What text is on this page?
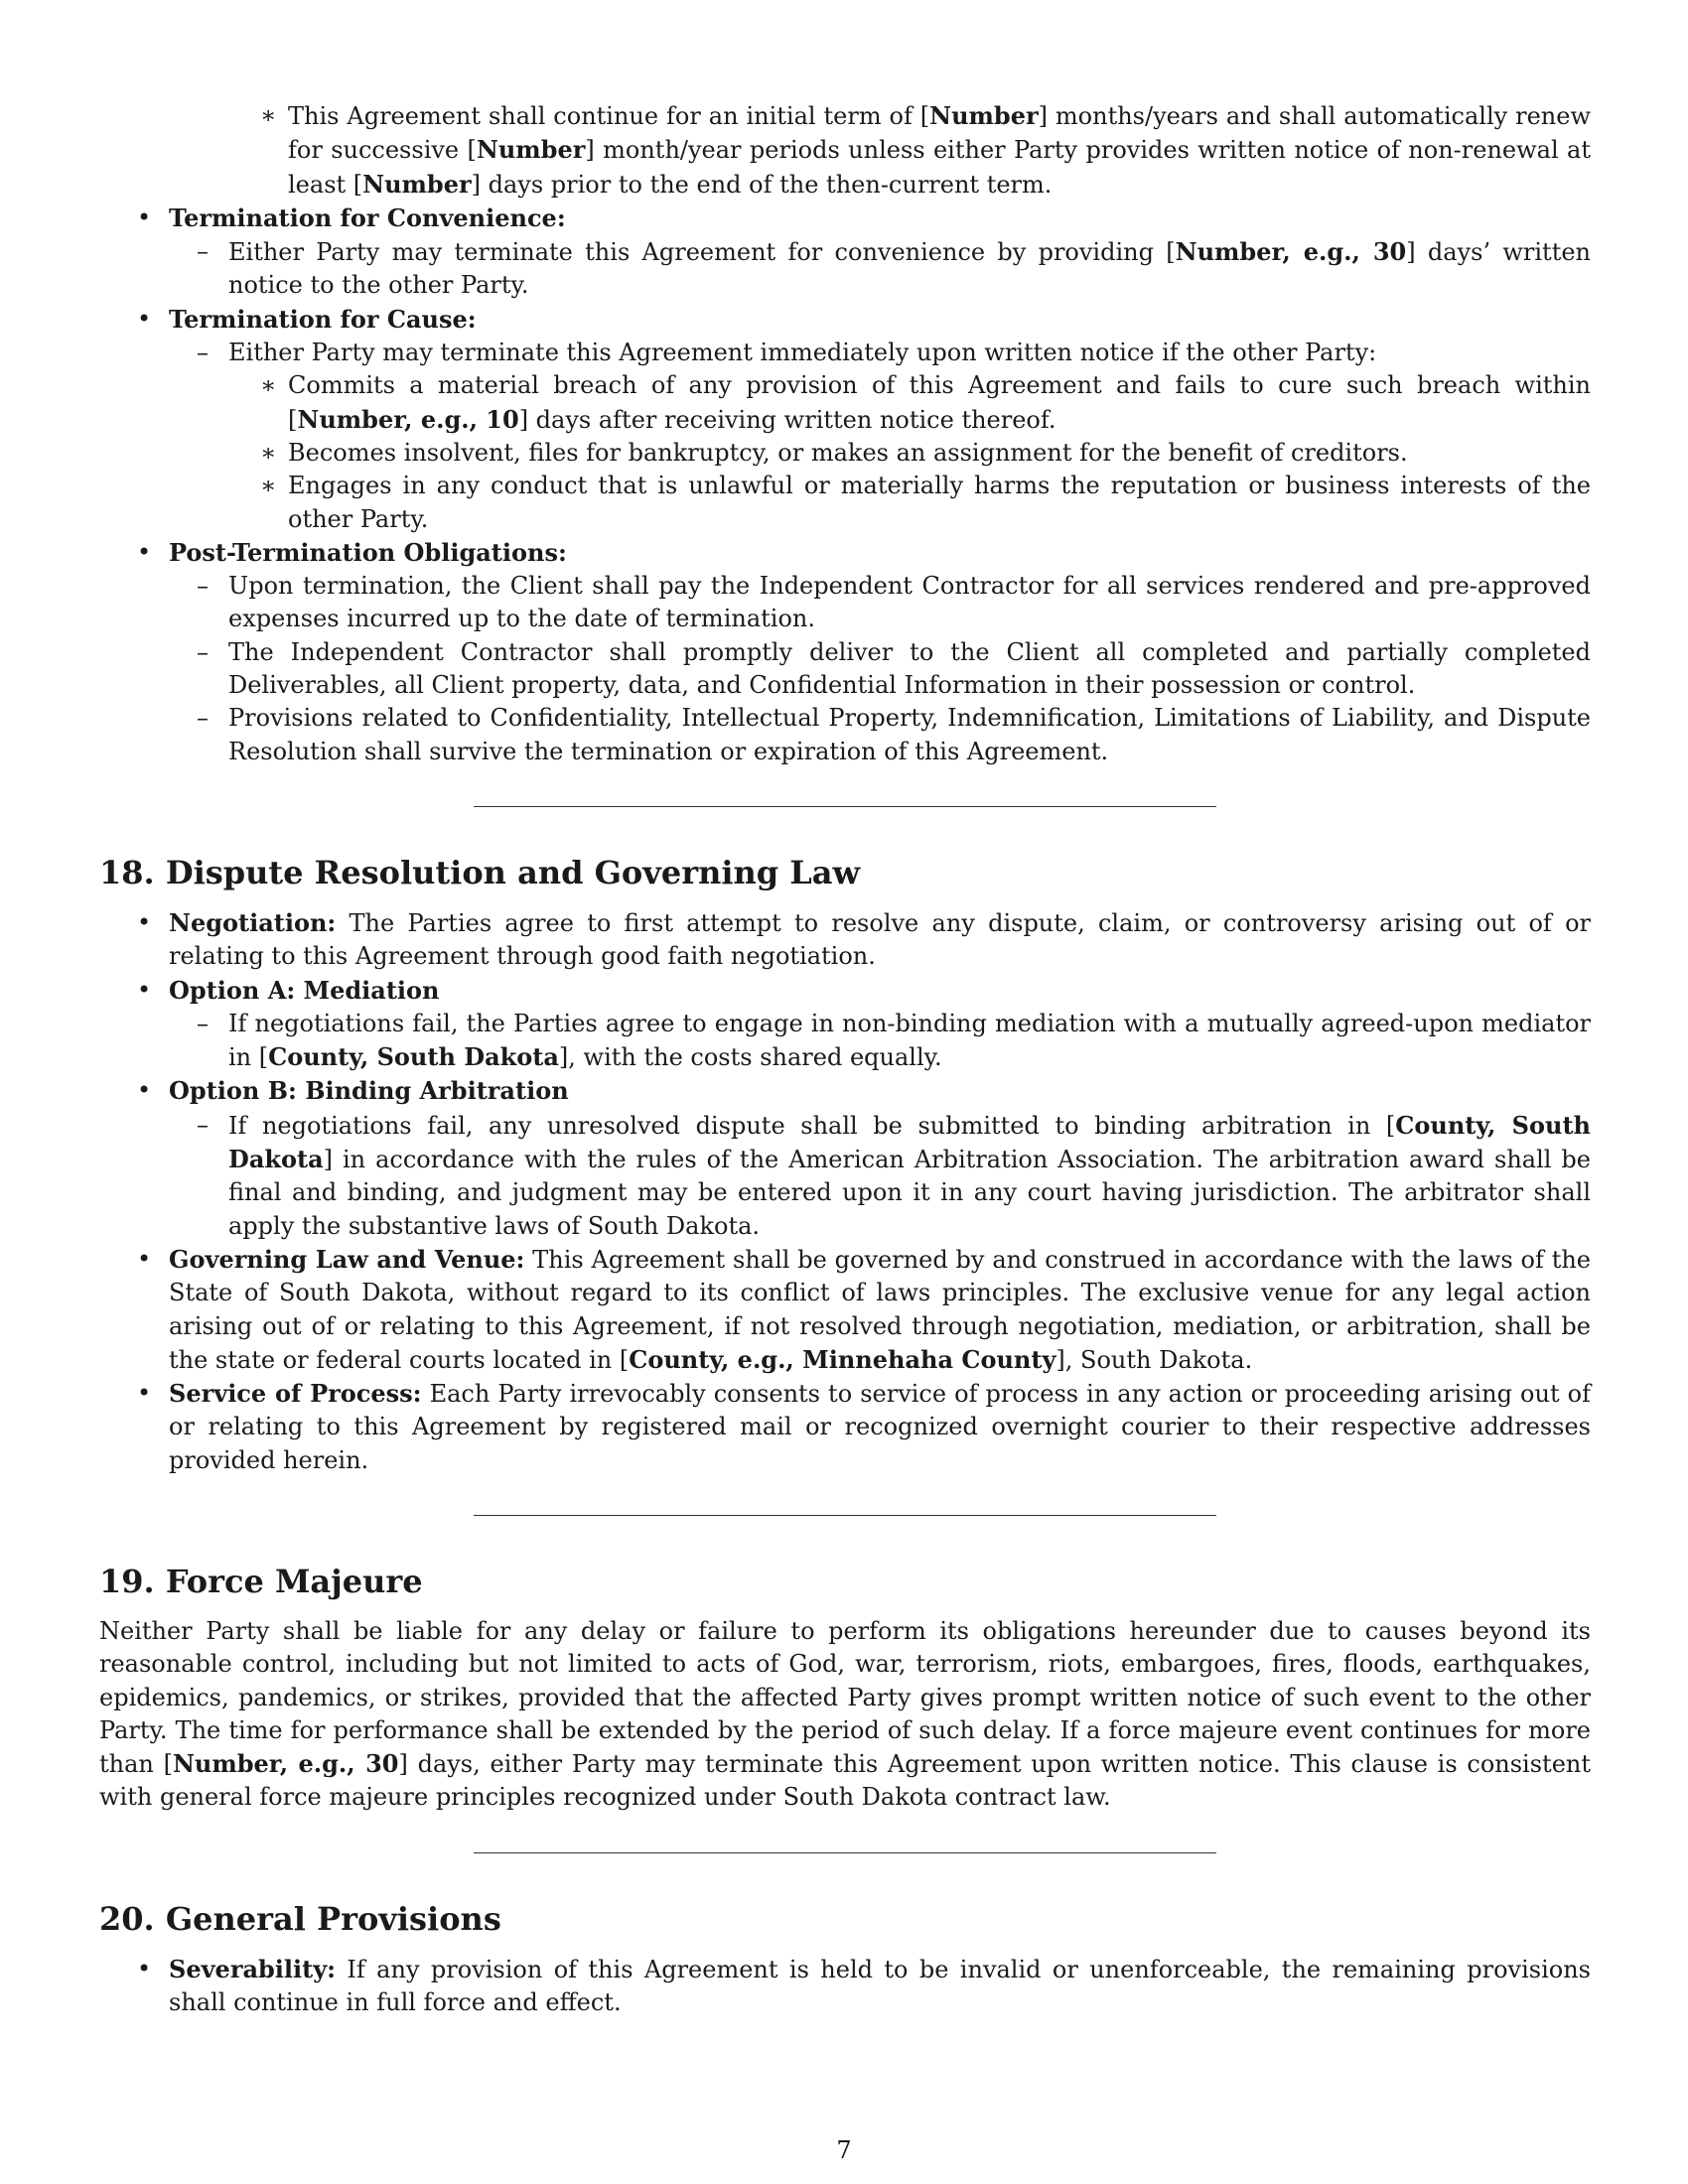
∗ This Agreement shall continue for an initial term of [Number] months/years and shall automatically renew for successive [Number] month/year periods unless either Party provides written notice of non-renewal at least [Number] days prior to the end of the then-current term.
• Termination for Convenience:
– Either Party may terminate this Agreement for convenience by providing [Number, e.g., 30] days’ written notice to the other Party.
• Termination for Cause:
– Either Party may terminate this Agreement immediately upon written notice if the other Party:
∗ Commits a material breach of any provision of this Agreement and fails to cure such breach within [Number, e.g., 10] days after receiving written notice thereof.
∗ Becomes insolvent, files for bankruptcy, or makes an assignment for the benefit of creditors.
∗ Engages in any conduct that is unlawful or materially harms the reputation or business interests of the other Party.
• Post-Termination Obligations:
– Upon termination, the Client shall pay the Independent Contractor for all services rendered and pre-approved expenses incurred up to the date of termination.
– The Independent Contractor shall promptly deliver to the Client all completed and partially completed Deliverables, all Client property, data, and Confidential Information in their possession or control.
– Provisions related to Confidentiality, Intellectual Property, Indemnification, Limitations of Liability, and Dispute Resolution shall survive the termination or expiration of this Agreement.
18. Dispute Resolution and Governing Law
• Negotiation: The Parties agree to first attempt to resolve any dispute, claim, or controversy arising out of or relating to this Agreement through good faith negotiation.
• Option A: Mediation
– If negotiations fail, the Parties agree to engage in non-binding mediation with a mutually agreed-upon mediator in [County, South Dakota], with the costs shared equally.
• Option B: Binding Arbitration
– If negotiations fail, any unresolved dispute shall be submitted to binding arbitration in [County, South Dakota] in accordance with the rules of the American Arbitration Association. The arbitration award shall be final and binding, and judgment may be entered upon it in any court having jurisdiction. The arbitrator shall apply the substantive laws of South Dakota.
• Governing Law and Venue: This Agreement shall be governed by and construed in accordance with the laws of the State of South Dakota, without regard to its conflict of laws principles. The exclusive venue for any legal action arising out of or relating to this Agreement, if not resolved through negotiation, mediation, or arbitration, shall be the state or federal courts located in [County, e.g., Minnehaha County], South Dakota.
• Service of Process: Each Party irrevocably consents to service of process in any action or proceeding arising out of or relating to this Agreement by registered mail or recognized overnight courier to their respective addresses provided herein.
19. Force Majeure

Neither Party shall be liable for any delay or failure to perform its obligations hereunder due to causes beyond its reasonable control, including but not limited to acts of God, war, terrorism, riots, embargoes, fires, floods, earthquakes, epidemics, pandemics, or strikes, provided that the affected Party gives prompt written notice of such event to the other Party. The time for performance shall be extended by the period of such delay. If a force majeure event continues for more than [Number, e.g., 30] days, either Party may terminate this Agreement upon written notice. This clause is consistent with general force majeure principles recognized under South Dakota contract law.

20. General Provisions
• Severability: If any provision of this Agreement is held to be invalid or unenforceable, the remaining provisions shall continue in full force and effect.
7
